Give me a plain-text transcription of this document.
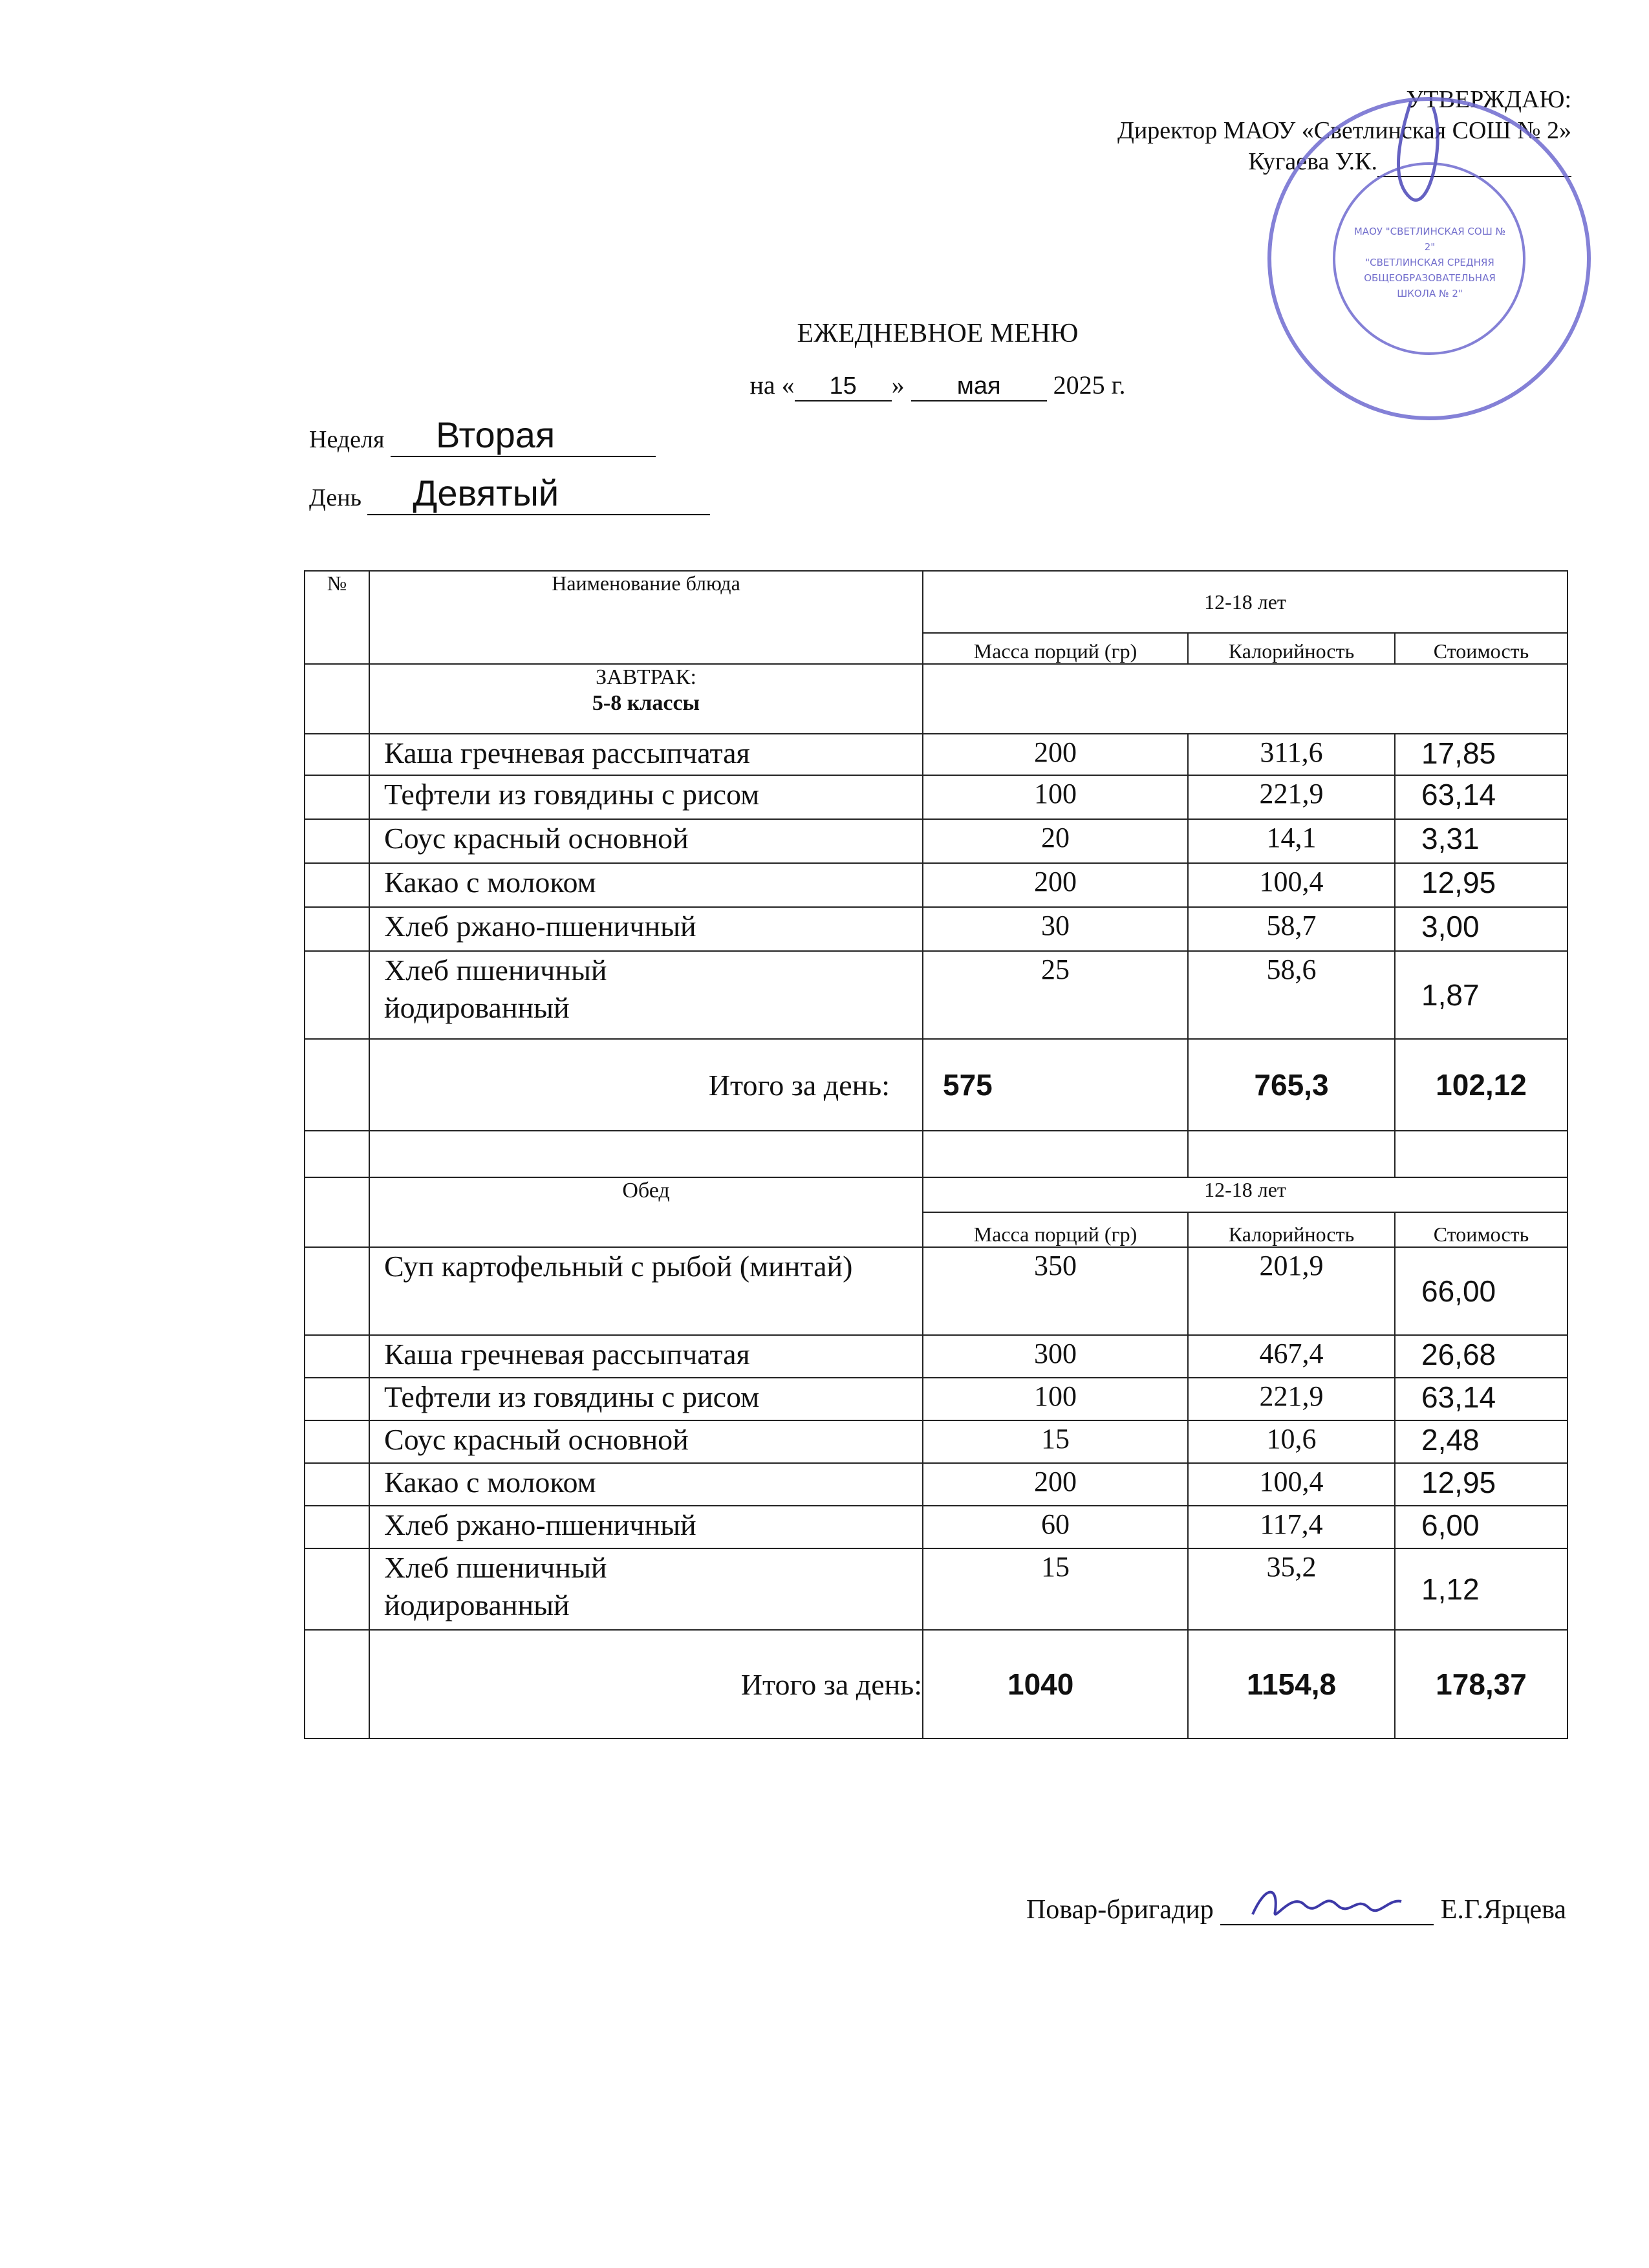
УТВЕРЖДАЮ:
Директор МАОУ «Светлинская СОШ № 2»
Кугаева У.К.
МАОУ "СВЕТЛИНСКАЯ СОШ № 2"
"СВЕТЛИНСКАЯ СРЕДНЯЯ
ОБЩЕОБРАЗОВАТЕЛЬНАЯ
ШКОЛА № 2"
ЕЖЕДНЕВНОЕ МЕНЮ
на « 15 » мая 2025 г.
Неделя Вторая
День Девятый
№	Наименование блюда	12-18 лет		
		Масса порций (гр)	Калорийность	Стоимость

	ЗАВТРАК:
5-8 классы			

	Каша гречневая рассыпчатая	200	311,6	17,85
	Тефтели из говядины с рисом	100	221,9	63,14
	Соус красный основной	20	14,1	3,31
	Какао с молоком	200	100,4	12,95
	Хлеб ржано-пшеничный	30	58,7	3,00
	Хлеб пшеничный йодированный	25	58,6	1,87
	Итого за день:	575	765,3	102,12

	Обед	12-18 лет		
		Масса порций (гр)	Калорийность	Стоимость
	Суп картофельный с рыбой (минтай)	350	201,9	66,00
	Каша гречневая рассыпчатая	300	467,4	26,68
	Тефтели из говядины с рисом	100	221,9	63,14
	Соус красный основной	15	10,6	2,48
	Какао с молоком	200	100,4	12,95
	Хлеб ржано-пшеничный	60	117,4	6,00
	Хлеб пшеничный йодированный	15	35,2	1,12
	Итого за день:	1040	1154,8	178,37
Повар-бригадир	Е.Г.Ярцева
